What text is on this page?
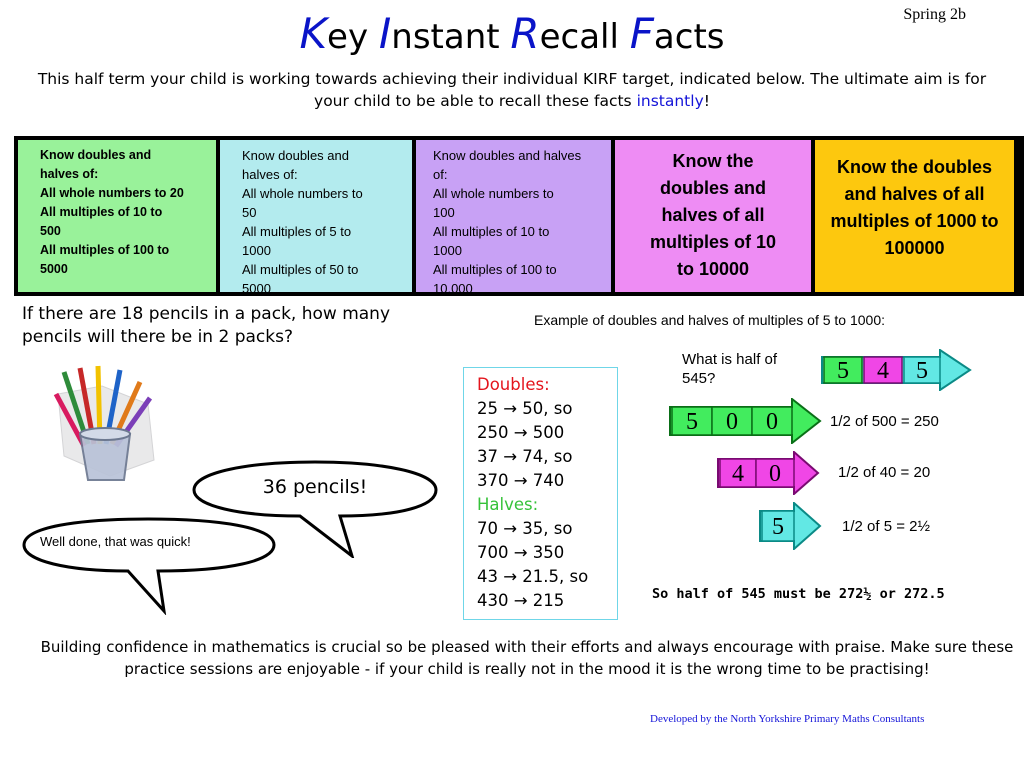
Spring 2b
Key Instant Recall Facts
This half term your child is working towards achieving their individual KIRF target, indicated below. The ultimate aim is for your child to be able to recall these facts instantly!
Know doubles and
halves of:
All whole numbers to 20
All multiples of 10 to
500
All multiples of 100 to
5000
Know doubles and
halves of:
All whole numbers to
50
All multiples of 5 to
1000
All multiples of 50 to
5000
Know doubles and halves
of:
All whole numbers to
100
All multiples of 10 to
1000
All multiples of 100 to
10,000
Know the
doubles and
halves of all
multiples of 10
to 10000
Know the doubles
and halves of all
multiples of 1000 to
100000
If there are 18 pencils in a pack, how many pencils will there be in 2 packs?
Example of doubles and halves of multiples of 5 to 1000:
36 pencils!
Well done, that was quick!
Doubles:
25 → 50, so
250 → 500
37 → 74, so
370 → 740
Halves:
70 → 35, so
700 → 350
43 → 21.5, so
430 → 215
What is half of 545?	5 4 5
5 0 0
4 0
5
1/2 of 500 = 250
1/2 of 40 = 20
1/2 of 5 = 2½
So half of 545 must be 272½ or 272.5
Building confidence in mathematics is crucial so be pleased with their efforts and always encourage with praise. Make sure these practice sessions are enjoyable - if your child is really not in the mood it is the wrong time to be practising!
Developed by the North Yorkshire Primary Maths Consultants
